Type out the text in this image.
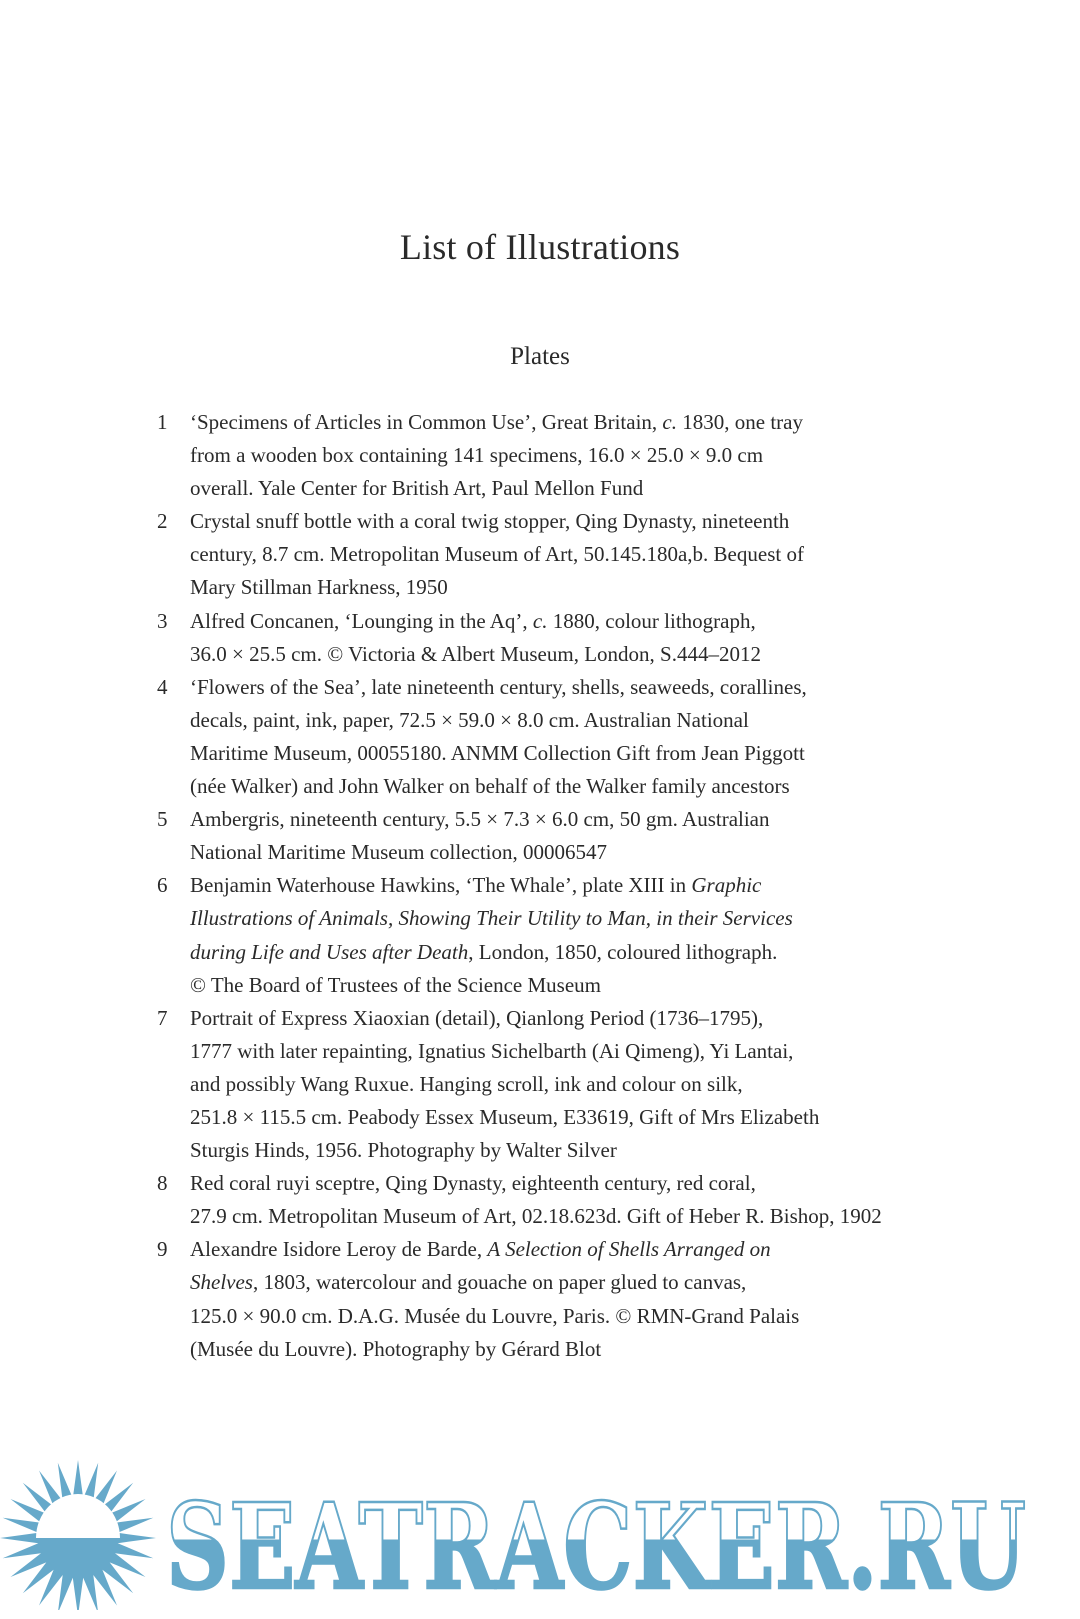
List of Illustrations
Plates
1 ‘Specimens of Articles in Common Use’, Great Britain, c. 1830, one tray
from a wooden box containing 141 specimens, 16.0 × 25.0 × 9.0 cm
overall. Yale Center for British Art, Paul Mellon Fund
2 Crystal snuff bottle with a coral twig stopper, Qing Dynasty, nineteenth
century, 8.7 cm. Metropolitan Museum of Art, 50.145.180a,b. Bequest of
Mary Stillman Harkness, 1950
3 Alfred Concanen, ‘Lounging in the Aq’, c. 1880, colour lithograph,
36.0 × 25.5 cm. © Victoria & Albert Museum, London, S.444–2012
4 ‘Flowers of the Sea’, late nineteenth century, shells, seaweeds, corallines,
decals, paint, ink, paper, 72.5 × 59.0 × 8.0 cm. Australian National
Maritime Museum, 00055180. ANMM Collection Gift from Jean Piggott
(née Walker) and John Walker on behalf of the Walker family ancestors
5 Ambergris, nineteenth century, 5.5 × 7.3 × 6.0 cm, 50 gm. Australian
National Maritime Museum collection, 00006547
6 Benjamin Waterhouse Hawkins, ‘The Whale’, plate XIII in Graphic
Illustrations of Animals, Showing Their Utility to Man, in their Services
during Life and Uses after Death, London, 1850, coloured lithograph.
© The Board of Trustees of the Science Museum
7 Portrait of Express Xiaoxian (detail), Qianlong Period (1736–1795),
1777 with later repainting, Ignatius Sichelbarth (Ai Qimeng), Yi Lantai,
and possibly Wang Ruxue. Hanging scroll, ink and colour on silk,
251.8 × 115.5 cm. Peabody Essex Museum, E33619, Gift of Mrs Elizabeth
Sturgis Hinds, 1956. Photography by Walter Silver
8 Red coral ruyi sceptre, Qing Dynasty, eighteenth century, red coral,
27.9 cm. Metropolitan Museum of Art, 02.18.623d. Gift of Heber R. Bishop, 1902
9 Alexandre Isidore Leroy de Barde, A Selection of Shells Arranged on
Shelves, 1803, watercolour and gouache on paper glued to canvas,
125.0 × 90.0 cm. D.A.G. Musée du Louvre, Paris. © RMN-Grand Palais
(Musée du Louvre). Photography by Gérard Blot
SEATRACKER.RU
